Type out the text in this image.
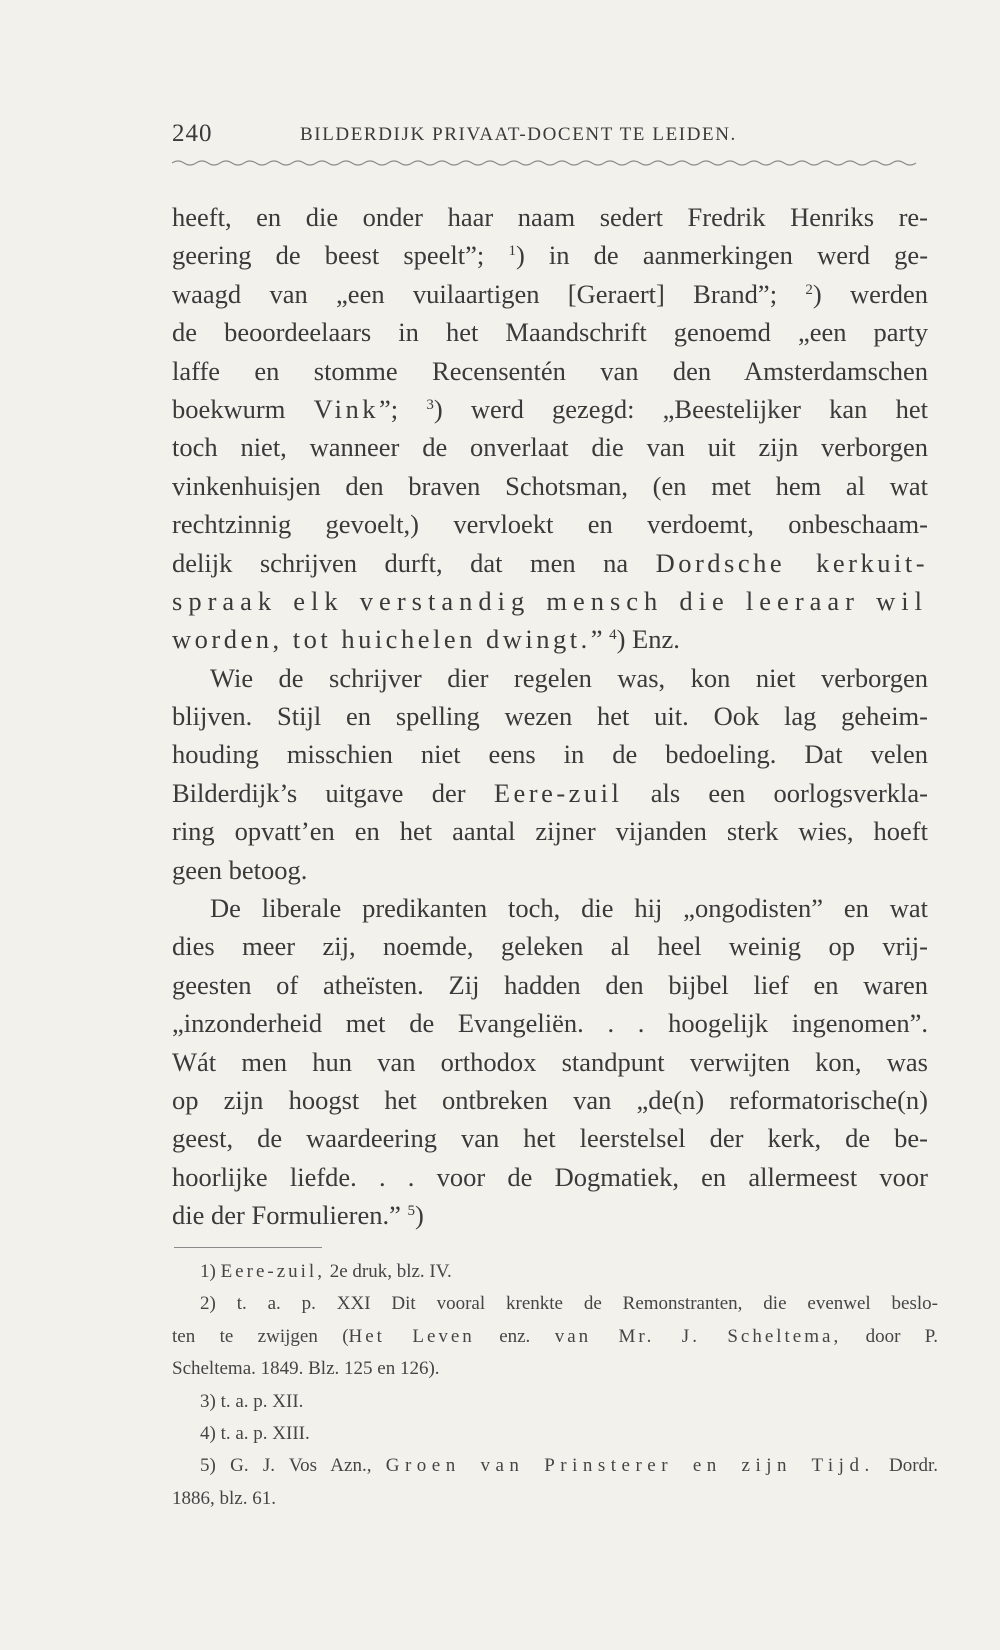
240	BILDERDIJK PRIVAAT-DOCENT TE LEIDEN.
heeft, en die onder haar naam sedert Fredrik Henriks re-
geering de beest speelt”; $^1$) in de aanmerkingen werd ge-
waagd van „een vuilaartigen [Geraert] Brand”; $^2$) werden
de beoordeelaars in het Maandschrift genoemd „een party
laffe en stomme Recensentén van den Amsterdamschen
boekwurm Vink”; $^3$) werd gezegd: „Beestelijker kan het
toch niet, wanneer de onverlaat die van uit zijn verborgen
vinkenhuisjen den braven Schotsman, (en met hem al wat
rechtzinnig gevoelt,) vervloekt en verdoemt, onbeschaam-
delijk schrijven durft, dat men na Dordsche kerkuit-
spraak elk verstandig mensch die leeraar wil
worden, tot huichelen dwingt.” $^4$) Enz.
Wie de schrijver dier regelen was, kon niet verborgen
blijven. Stijl en spelling wezen het uit. Ook lag geheim-
houding misschien niet eens in de bedoeling. Dat velen
Bilderdijk’s uitgave der Eere-zuil als een oorlogsverkla-
ring opvatt’en en het aantal zijner vijanden sterk wies, hoeft
geen betoog.
De liberale predikanten toch, die hij „ongodisten” en wat
dies meer zij, noemde, geleken al heel weinig op vrij-
geesten of atheïsten. Zij hadden den bijbel lief en waren
„inzonderheid met de Evangeliën. . . hoogelijk ingenomen”.
Wát men hun van orthodox standpunt verwijten kon, was
op zijn hoogst het ontbreken van „de(n) reformatorische(n)
geest, de waardeering van het leerstelsel der kerk, de be-
hoorlijke liefde. . . voor de Dogmatiek, en allermeest voor
die der Formulieren.” $^5$)
1) Eere-zuil, 2e druk, blz. IV.
2) t. a. p. XXI Dit vooral krenkte de Remonstranten, die evenwel beslo-
ten te zwijgen (Het Leven enz. van Mr. J. Scheltema, door P.
Scheltema. 1849. Blz. 125 en 126).
3) t. a. p. XII.
4) t. a. p. XIII.
5) G. J. Vos Azn., Groen van Prinsterer en zijn Tijd. Dordr.
1886, blz. 61.
